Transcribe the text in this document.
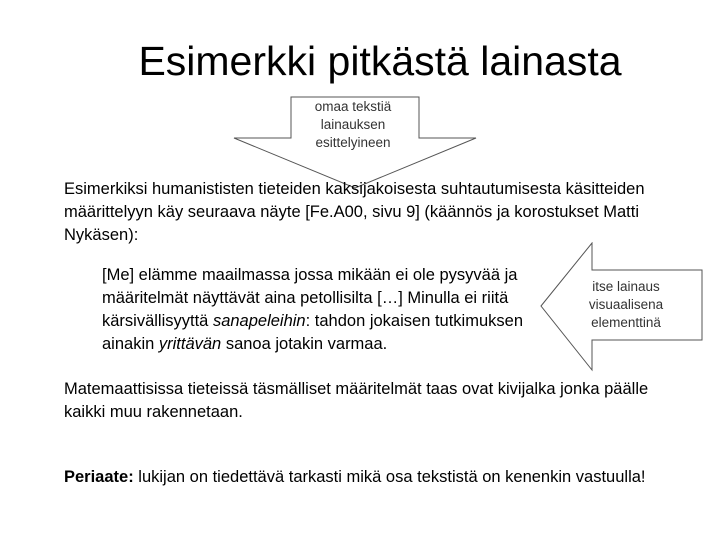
Esimerkki pitkästä lainasta
omaa tekstiä
lainauksen
esittelyineen
Esimerkiksi humanististen tieteiden kaksijakoisesta suhtautumisesta käsitteiden määrittelyyn käy seuraava näyte [Fe.A00, sivu 9] (käännös ja korostukset Matti Nykäsen):
[Me] elämme maailmassa jossa mikään ei ole pysyvää ja määritelmät näyttävät aina petollisilta […] Minulla ei riitä kärsivällisyyttä sanapeleihin: tahdon jokaisen tutkimuksen ainakin yrittävän sanoa jotakin varmaa.
itse lainaus
visuaalisena
elementtinä
Matemaattisissa tieteissä täsmälliset määritelmät taas ovat kivijalka jonka päälle kaikki muu rakennetaan.
Periaate: lukijan on tiedettävä tarkasti mikä osa tekstistä on kenenkin vastuulla!
